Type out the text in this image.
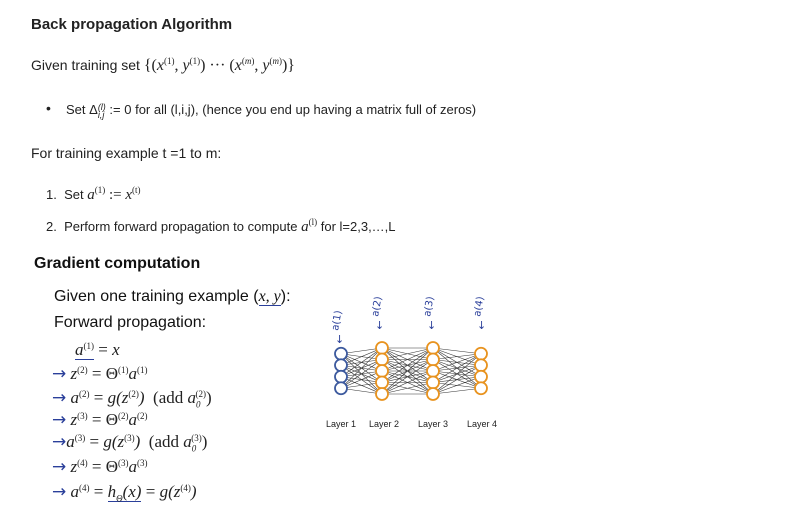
Back propagation Algorithm
Given training set {($x^{(1)}$, $y^{(1)}$) ··· ($x^{(m)}$, $y^{(m)}$)}
• Set Δ(l)
i,j := 0 for all (l,i,j), (hence you end up having a matrix full of zeros)
For training example t =1 to m:
1. Set $a^{(1)}$ := $x^{(t)}$
2. Perform forward propagation to compute $a^{(l)}$ for l=2,3,…,L
Gradient computation
Given one training example (x, y):
Forward propagation:
$a^{(1)} = x$
→ $z^{(2)} = \Theta^{(1)}a^{(1)}$
→ $a^{(2)} = g(z^{(2)})$  (add $a_0^{(2)}$)
→ $z^{(3)} = \Theta^{(2)}a^{(2)}$
$\to a^{(3)} = g(z^{(3)})$  (add $a_0^{(3)}$)
→ $z^{(4)} = \Theta^{(3)}a^{(3)}$
→ $a^{(4)} = h_\Theta(x) = g(z^{(4)})$
Layer 1 Layer 2 Layer 3 Layer 4
a(1)
↓
a(2)
↓
a(3)
↓
a(4)
↓
